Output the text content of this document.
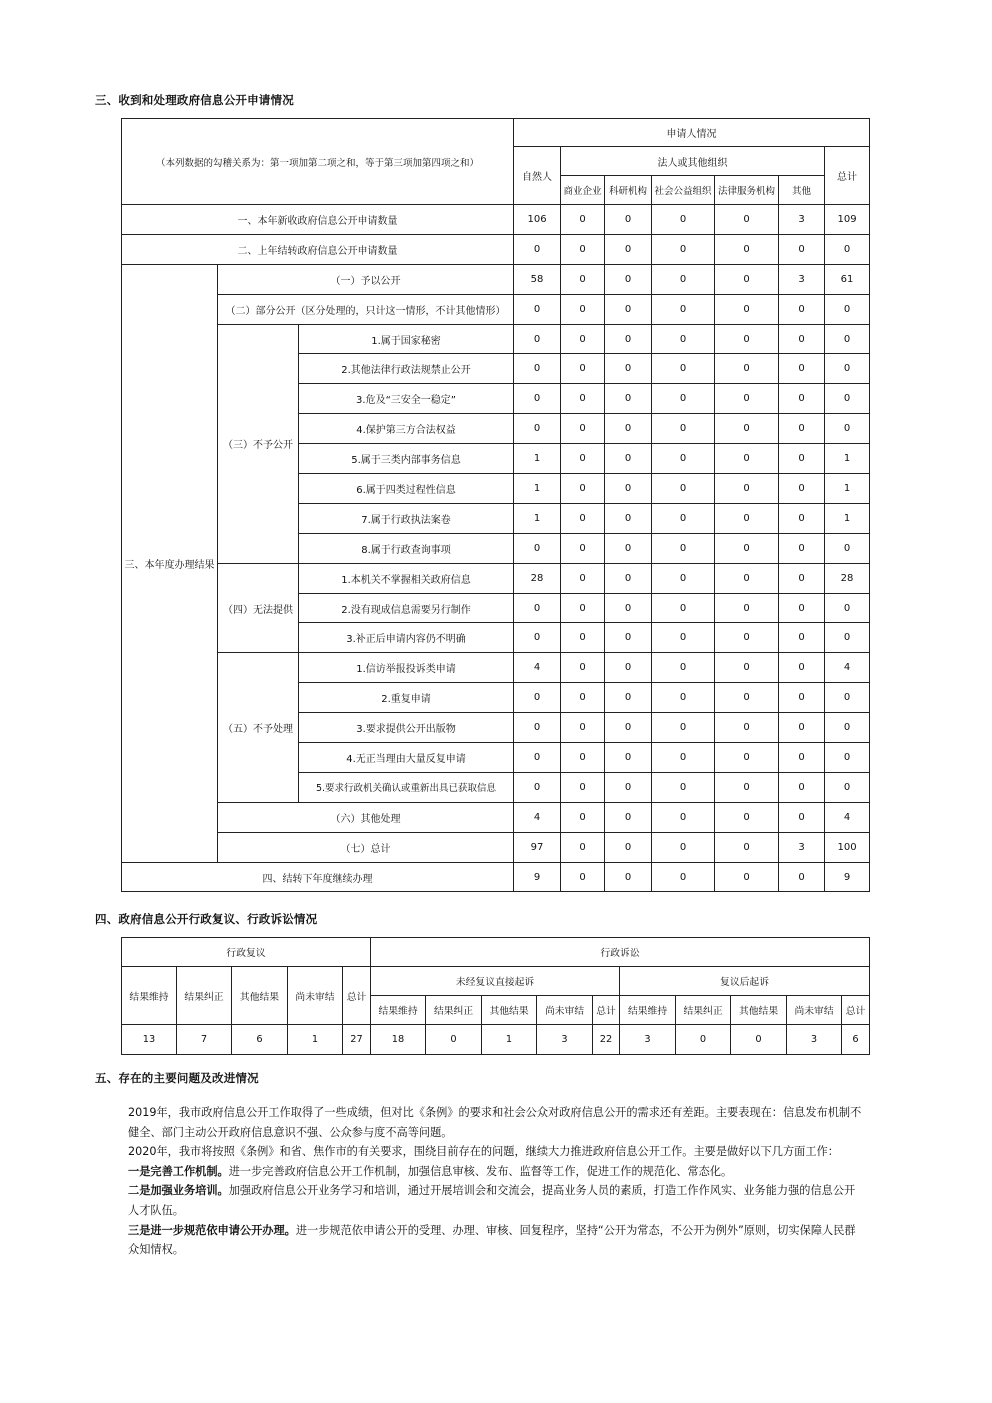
三、收到和处理政府信息公开申请情况
（本列数据的勾稽关系为：第一项加第二项之和，等于第三项加第四项之和）			申请人情况						
			自然人	法人或其他组织					总计
				商业企业	科研机构	社会公益组织	法律服务机构	其他	
一、本年新收政府信息公开申请数量			106	0	0	0	0	3	109
二、上年结转政府信息公开申请数量			0	0	0	0	0	0	0
三、本年度办理结果	（一）予以公开		58	0	0	0	0	3	61
	（二）部分公开（区分处理的，只计这一情形，不计其他情形）		0	0	0	0	0	0	0
	（三）不予公开	1.属于国家秘密	0	0	0	0	0	0	0
		2.其他法律行政法规禁止公开	0	0	0	0	0	0	0
		3.危及“三安全一稳定”	0	0	0	0	0	0	0
		4.保护第三方合法权益	0	0	0	0	0	0	0
		5.属于三类内部事务信息	1	0	0	0	0	0	1
		6.属于四类过程性信息	1	0	0	0	0	0	1
		7.属于行政执法案卷	1	0	0	0	0	0	1
		8.属于行政查询事项	0	0	0	0	0	0	0
	（四）无法提供	1.本机关不掌握相关政府信息	28	0	0	0	0	0	28
		2.没有现成信息需要另行制作	0	0	0	0	0	0	0
		3.补正后申请内容仍不明确	0	0	0	0	0	0	0
	（五）不予处理	1.信访举报投诉类申请	4	0	0	0	0	0	4
		2.重复申请	0	0	0	0	0	0	0
		3.要求提供公开出版物	0	0	0	0	0	0	0
		4.无正当理由大量反复申请	0	0	0	0	0	0	0
		5.要求行政机关确认或重新出具已获取信息	0	0	0	0	0	0	0
	（六）其他处理		4	0	0	0	0	0	4
	（七）总计		97	0	0	0	0	3	100
四、结转下年度继续办理			9	0	0	0	0	0	9
四、政府信息公开行政复议、行政诉讼情况
行政复议					行政诉讼									
结果维持	结果纠正	其他结果	尚未审结	总计	未经复议直接起诉					复议后起诉				
					结果维持	结果纠正	其他结果	尚未审结	总计	结果维持	结果纠正	其他结果	尚未审结	总计
13	7	6	1	27	18	0	1	3	22	3	0	0	3	6
五、存在的主要问题及改进情况

2019年，我市政府信息公开工作取得了一些成绩，但对比《条例》的要求和社会公众对政府信息公开的需求还有差距。主要表现在：信息发布机制不健全、部门主动公开政府信息意识不强、公众参与度不高等问题。

2020年，我市将按照《条例》和省、焦作市的有关要求，围绕目前存在的问题，继续大力推进政府信息公开工作。主要是做好以下几方面工作：

一是完善工作机制。进一步完善政府信息公开工作机制，加强信息审核、发布、监督等工作，促进工作的规范化、常态化。

二是加强业务培训。加强政府信息公开业务学习和培训，通过开展培训会和交流会，提高业务人员的素质，打造工作作风实、业务能力强的信息公开人才队伍。

三是进一步规范依申请公开办理。进一步规范依申请公开的受理、办理、审核、回复程序，坚持“公开为常态，不公开为例外”原则，切实保障人民群众知情权。
